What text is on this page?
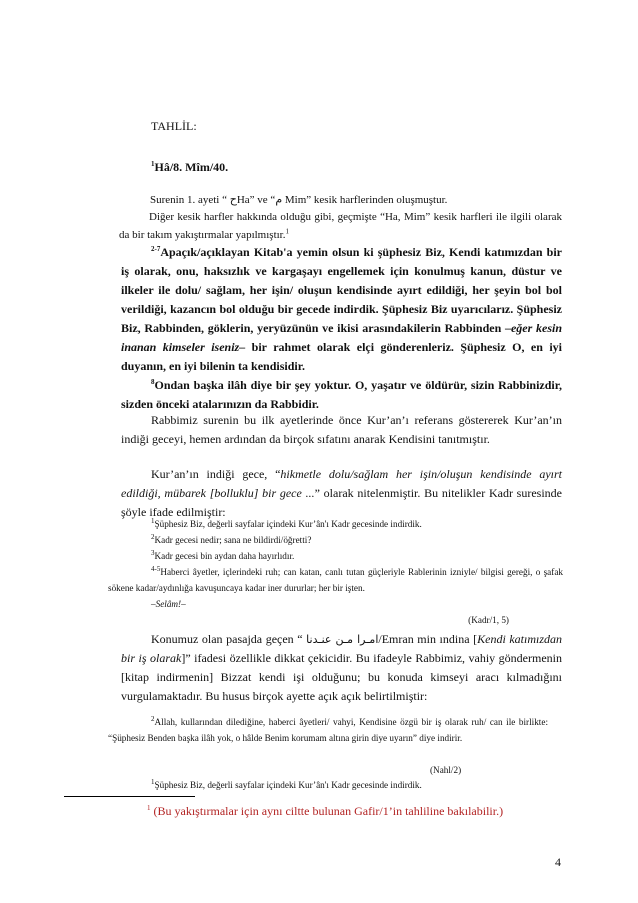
TAHLİL:
$^1$Hâ/8. Mîm/40.
Surenin 1. ayeti “ حHa” ve “م Mim” kesik harflerinden oluşmuştur.
Diğer kesik harfler hakkında olduğu gibi, geçmişte “Ha, Mim” kesik harfleri ile ilgili olarak da bir takım yakıştırmalar yapılmıştır.$^1$
$^{2-7}$Apaçık/açıklayan Kitab'a yemin olsun ki şüphesiz Biz, Kendi katımızdan bir iş olarak, onu, haksızlık ve kargaşayı engellemek için konulmuş kanun, düstur ve ilkeler ile dolu/ sağlam, her işin/ oluşun kendisinde ayırt edildiği, her şeyin bol bol verildiği, kazancın bol olduğu bir gecede indirdik. Şüphesiz Biz uyarıcılarız. Şüphesiz Biz, Rabbinden, göklerin, yeryüzünün ve ikisi arasındakilerin Rabbinden –eğer kesin inanan kimseler iseniz– bir rahmet olarak elçi gönderenleriz. Şüphesiz O, en iyi duyanın, en iyi bilenin ta kendisidir.
$^8$Ondan başka ilâh diye bir şey yoktur. O, yaşatır ve öldürür, sizin Rabbinizdir, sizden önceki atalarınızın da Rabbidir.
Rabbimiz surenin bu ilk ayetlerinde önce Kur’an’ı referans göstererek Kur’an’ın indiği geceyi, hemen ardından da birçok sıfatını anarak Kendisini tanıtmıştır.
Kur’an’ın indiği gece, “hikmetle dolu/sağlam her işin/oluşun kendisinde ayırt edildiği, mübarek [bolluklu] bir gece ...” olarak nitelenmiştir. Bu nitelikler Kadr suresinde şöyle ifade edilmiştir:
$^1$Şüphesiz Biz, değerli sayfalar içindeki Kur’ân'ı Kadr gecesinde indirdik.
$^2$Kadr gecesi nedir; sana ne bildirdi/öğretti?
$^3$Kadr gecesi bin aydan daha hayırlıdır.
$^{4-5}$Haberci âyetler, içlerindeki ruh; can katan, canlı tutan güçleriyle Rablerinin izniyle/ bilgisi gereği, o şafak sökene kadar/aydınlığa kavuşuncaya kadar iner dururlar; her bir işten.
–Selâm!–
(Kadr/1, 5)
Konumuz olan pasajda geçen “ امـرا مـن عنـدنا/Emran min ındina [Kendi katımızdan bir iş olarak]” ifadesi özellikle dikkat çekicidir. Bu ifadeyle Rabbimiz, vahiy göndermenin [kitap indirmenin] Bizzat kendi işi olduğunu; bu konuda kimseyi aracı kılmadığını vurgulamaktadır. Bu husus birçok ayette açık açık belirtilmiştir:
$^2$Allah, kullarından dilediğine, haberci âyetleri/ vahyi, Kendisine özgü bir iş olarak ruh/ can ile birlikte: “Şüphesiz Benden başka ilâh yok, o hâlde Benim korumam altına girin diye uyarın” diye indirir.
(Nahl/2)
$^1$Şüphesiz Biz, değerli sayfalar içindeki Kur’ân'ı Kadr gecesinde indirdik.
$^1$ (Bu yakıştırmalar için aynı ciltte bulunan Gafir/1’in tahliline bakılabilir.)
4
